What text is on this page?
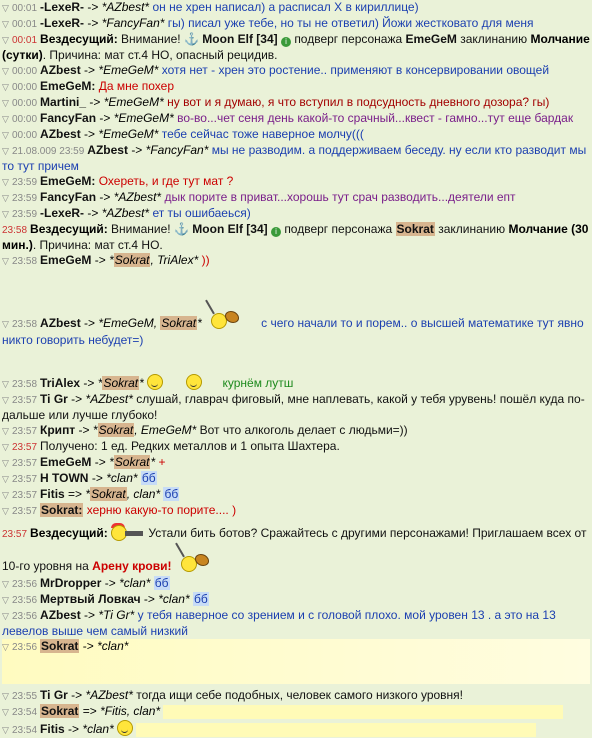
▽ 00:01 -LexeR- -> *AZbest* он не хрен написал) а расписал Х в кириллице)
▽ 00:01 -LexeR- -> *FancyFan* гы) писал уже тебе, но ты не ответил) Йожи жестковато для меня
▽ 00:01 Вездесущий: Внимание! ⚓ Moon Elf [34] i подверг персонажа EmeGeM заклинанию Молчание (сутки). Причина: мат ст.4 НО, опасный рецидив.
▽ 00:00 AZbest -> *EmeGeM* хотя нет - хрен это ростение.. применяют в консервировании овощей
▽ 00:00 EmeGeM: Да мне похер
▽ 00:00 Martini_ -> *EmeGeM* ну вот и я думаю, я что вступил в подсудность дневного дозора? гы)
▽ 00:00 FancyFan -> *EmeGeM* во-во...чет сеня день какой-то срачный...квест - гамно...тут еще бардак
▽ 00:00 AZbest -> *EmeGeM* тебе сейчас тоже наверное молчу(((
▽ 21.08.009 23:59 AZbest -> *FancyFan* мы не разводим. а поддерживаем беседу. ну если кто разводит мы то тут причем
▽ 23:59 EmeGeM: Охереть, и где тут мат ?
▽ 23:59 FancyFan -> *AZbest* дык порите в приват...хорошь тут срач разводить...деятели епт
▽ 23:59 -LexeR- -> *AZbest* ет ты ошибаеься)
23:58 Вездесущий: Внимание! ⚓ Moon Elf [34] i подверг персонажа Sokrat заклинанию Молчание (30 мин.). Причина: мат ст.4 НО.
▽ 23:58 EmeGeM -> *Sokrat, TriAlex* ))
▽ 23:58 AZbest -> *EmeGeM, Sokrat*	с чего начали то и порем.. о высшей математике тут явно никто говорить небудет=)
▽ 23:58 TriAlex -> *Sokrat*	курнём лутш
▽ 23:57 Ti Gr -> *AZbest* слушай, главрач фиговый, мне наплевать, какой у тебя урувень! пошёл куда по-дальше или лучше глубоко!
▽ 23:57 Крипт -> *Sokrat, EmeGeM* Вот что алкоголь делает с людьми=))
▽ 23:57 Получено: 1 ед. Редких металлов и 1 опыта Шахтера.
▽ 23:57 EmeGeM -> *Sokrat* +
▽ 23:57 H TOWN -> *clan* бб
▽ 23:57 Fitis => *Sokrat, clan* бб
▽ 23:57 Sokrat: херню какую-то порите.... )
23:57 Вездесущий:	Устали бить ботов? Сражайтесь с другими персонажами! Приглашаем всех от 10-го уровня на Арену крови!
▽ 23:56 MrDropper -> *clan* бб
▽ 23:56 Мертвый Ловкач -> *clan* бб
▽ 23:56 AZbest -> *Ti Gr* у тебя наверное со зрением и с головой плохо. мой уровен 13 . а это на 13 левелов выше чем самый низкий
▽ 23:56 Sokrat -> *clan*
▽ 23:55 Ti Gr -> *AZbest* тогда ищи себе подобных, человек самого низкого уровня!
▽ 23:54 Sokrat => *Fitis, clan*
▽ 23:54 Fitis -> *clan*
